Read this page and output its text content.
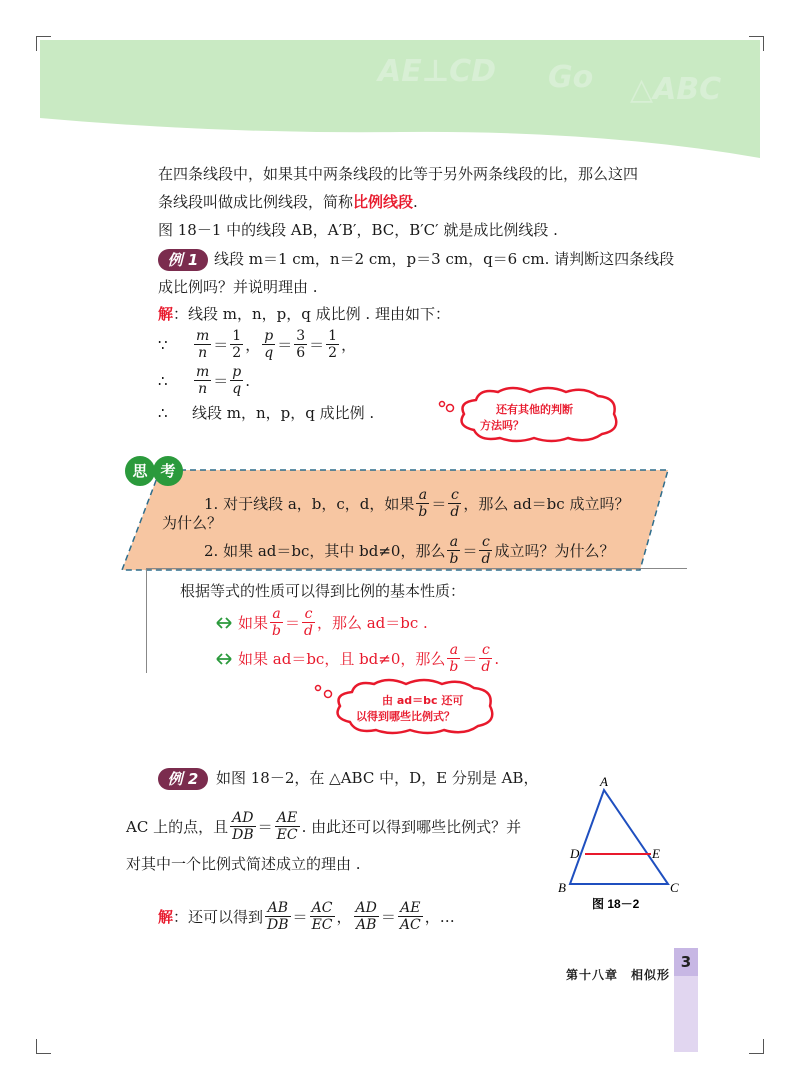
AE⊥CD Go △ABC
在四条线段中，如果其中两条线段的比等于另外两条线段的比，那么这四
条线段叫做成比例线段，简称比例线段.
图 18－1 中的线段 AB，A′B′，BC，B′C′ 就是成比例线段 .
例 1	线段 m＝1 cm，n＝2 cm，p＝3 cm，q＝6 cm. 请判断这四条线段
成比例吗？并说明理由 .
解 ：线段 m，n，p，q 成比例 . 理由如下：
∵	$\frac{m}{n} = \frac{1}{2}$ ， $\frac{p}{q} = \frac{3}{6} = \frac{1}{2}$ ，
∴	$\frac{m}{n} = \frac{p}{q}$ .
∴	线段 m，n，p，q 成比例 .	还有其他的判断
方法吗？
思 考
1. 对于线段 a，b，c，d，如果 $\frac{a}{b} = \frac{c}{d}$ ，那么 ad＝bc 成立吗？
为什么？
2. 如果 ad＝bc，其中 bd≠0，那么 $\frac{a}{b} = \frac{c}{d}$ 成立吗？为什么？
根据等式的性质可以得到比例的基本性质：
如果 $\frac{a}{b} = \frac{c}{d}$ ，那么 ad＝bc .
如果 ad＝bc，且 bd≠0，那么 $\frac{a}{b} = \frac{c}{d}$ .
由 ad＝bc 还可
以得到哪些比例式？
例 2	如图 18－2，在 △ABC 中，D，E 分别是 AB，
AC 上的点，且 $\frac{AD}{DB} = \frac{AE}{EC}$ . 由此还可以得到哪些比例式？并
对其中一个比例式简述成立的理由 .
解 ：还可以得到 $\frac{AB}{DB} = \frac{AC}{EC}$ ， $\frac{AD}{AB} = \frac{AE}{AC}$ ，…
A
B	C
D	E
图 18－2
3
第十八章　相似形
